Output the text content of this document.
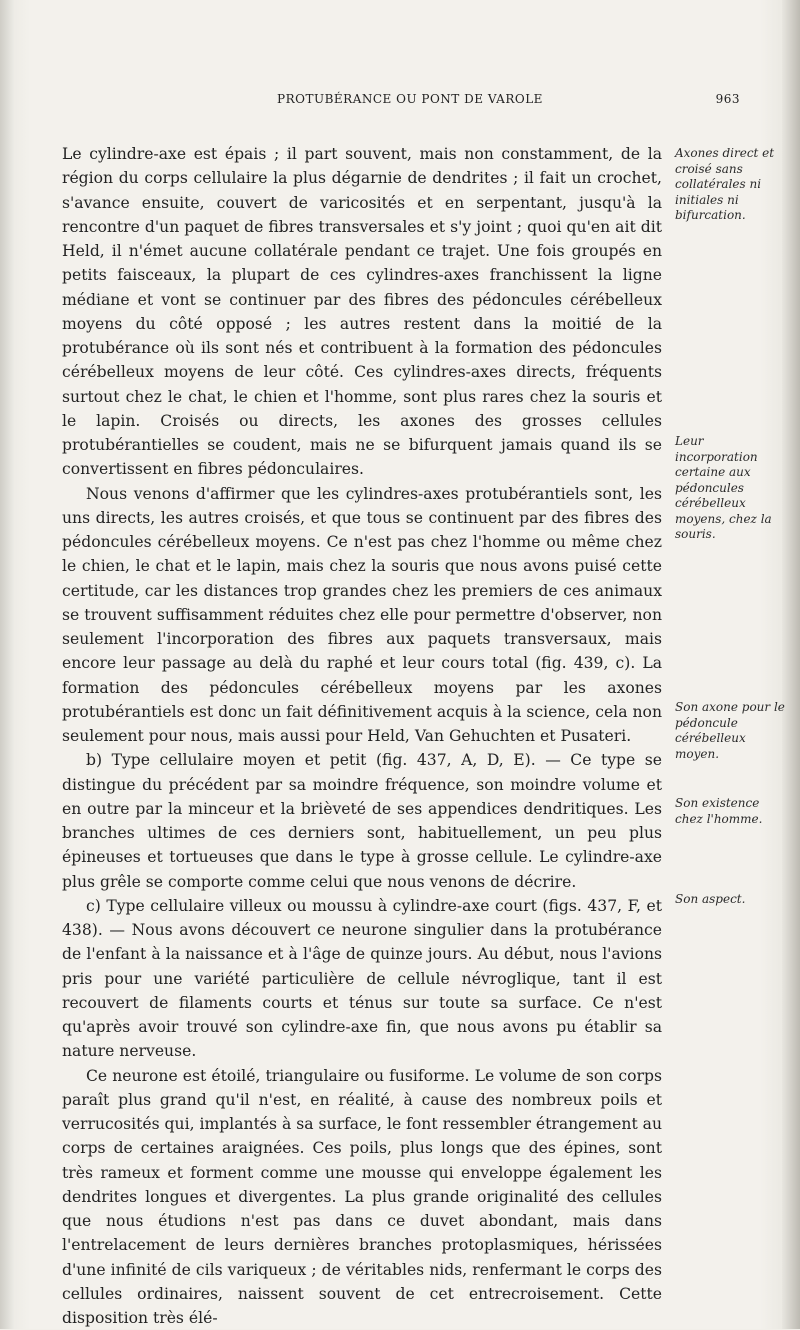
PROTUBÉRANCE OU PONT DE VAROLE	963

Le cylindre-axe est épais ; il part souvent, mais non constamment, de la région du corps cellulaire la plus dégarnie de dendrites ; il fait un crochet, s'avance ensuite, couvert de varicosités et en serpentant, jusqu'à la rencontre d'un paquet de fibres transversales et s'y joint ; quoi qu'en ait dit Held, il n'émet aucune collatérale pendant ce trajet. Une fois groupés en petits faisceaux, la plupart de ces cylindres-axes franchissent la ligne médiane et vont se continuer par des fibres des pédoncules cérébelleux moyens du côté opposé ; les autres restent dans la moitié de la protubérance où ils sont nés et contribuent à la formation des pédoncules cérébelleux moyens de leur côté. Ces cylindres-axes directs, fréquents surtout chez le chat, le chien et l'homme, sont plus rares chez la souris et le lapin. Croisés ou directs, les axones des grosses cellules protubérantielles se coudent, mais ne se bifurquent jamais quand ils se convertissent en fibres pédonculaires.

Nous venons d'affirmer que les cylindres-axes protubérantiels sont, les uns directs, les autres croisés, et que tous se continuent par des fibres des pédoncules cérébelleux moyens. Ce n'est pas chez l'homme ou même chez le chien, le chat et le lapin, mais chez la souris que nous avons puisé cette certitude, car les distances trop grandes chez les premiers de ces animaux se trouvent suffisamment réduites chez elle pour permettre d'observer, non seulement l'incorporation des fibres aux paquets transversaux, mais encore leur passage au delà du raphé et leur cours total (fig. 439, c). La formation des pédoncules cérébelleux moyens par les axones protubérantiels est donc un fait définitivement acquis à la science, cela non seulement pour nous, mais aussi pour Held, Van Gehuchten et Pusateri.

b) Type cellulaire moyen et petit (fig. 437, A, D, E). — Ce type se distingue du précédent par sa moindre fréquence, son moindre volume et en outre par la minceur et la brièveté de ses appendices dendritiques. Les branches ultimes de ces derniers sont, habituellement, un peu plus épineuses et tortueuses que dans le type à grosse cellule. Le cylindre-axe plus grêle se comporte comme celui que nous venons de décrire.

c) Type cellulaire villeux ou moussu à cylindre-axe court (figs. 437, F, et 438). — Nous avons découvert ce neurone singulier dans la protubérance de l'enfant à la naissance et à l'âge de quinze jours. Au début, nous l'avions pris pour une variété particulière de cellule névroglique, tant il est recouvert de filaments courts et ténus sur toute sa surface. Ce n'est qu'après avoir trouvé son cylindre-axe fin, que nous avons pu établir sa nature nerveuse.

Ce neurone est étoilé, triangulaire ou fusiforme. Le volume de son corps paraît plus grand qu'il n'est, en réalité, à cause des nombreux poils et verrucosités qui, implantés à sa surface, le font ressembler étrangement au corps de certaines araignées. Ces poils, plus longs que des épines, sont très rameux et forment comme une mousse qui enveloppe également les dendrites longues et divergentes. La plus grande originalité des cellules que nous étudions n'est pas dans ce duvet abondant, mais dans l'entrelacement de leurs dernières branches protoplasmiques, hérissées d'une infinité de cils variqueux ; de véritables nids, renfermant le corps des cellules ordinaires, naissent souvent de cet entrecroisement. Cette disposition très élé-

Axones direct et croisé sans collatérales ni initiales ni bifurcation.
Leur incorporation certaine aux pédoncules cérébelleux moyens, chez la souris.
Son axone pour le pédoncule cérébelleux moyen.
Son existence chez l'homme.
Son aspect.
